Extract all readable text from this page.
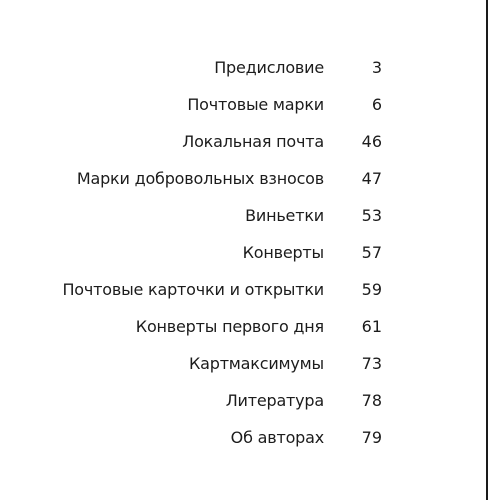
Предисловие	3
Почтовые марки	6
Локальная почта 46
Марки добровольных взносов 47
Виньетки 53
Конверты 57
Почтовые карточки и открытки 59
Конверты первого дня 61
Картмаксимумы 73
Литература 78
Об авторах 79
